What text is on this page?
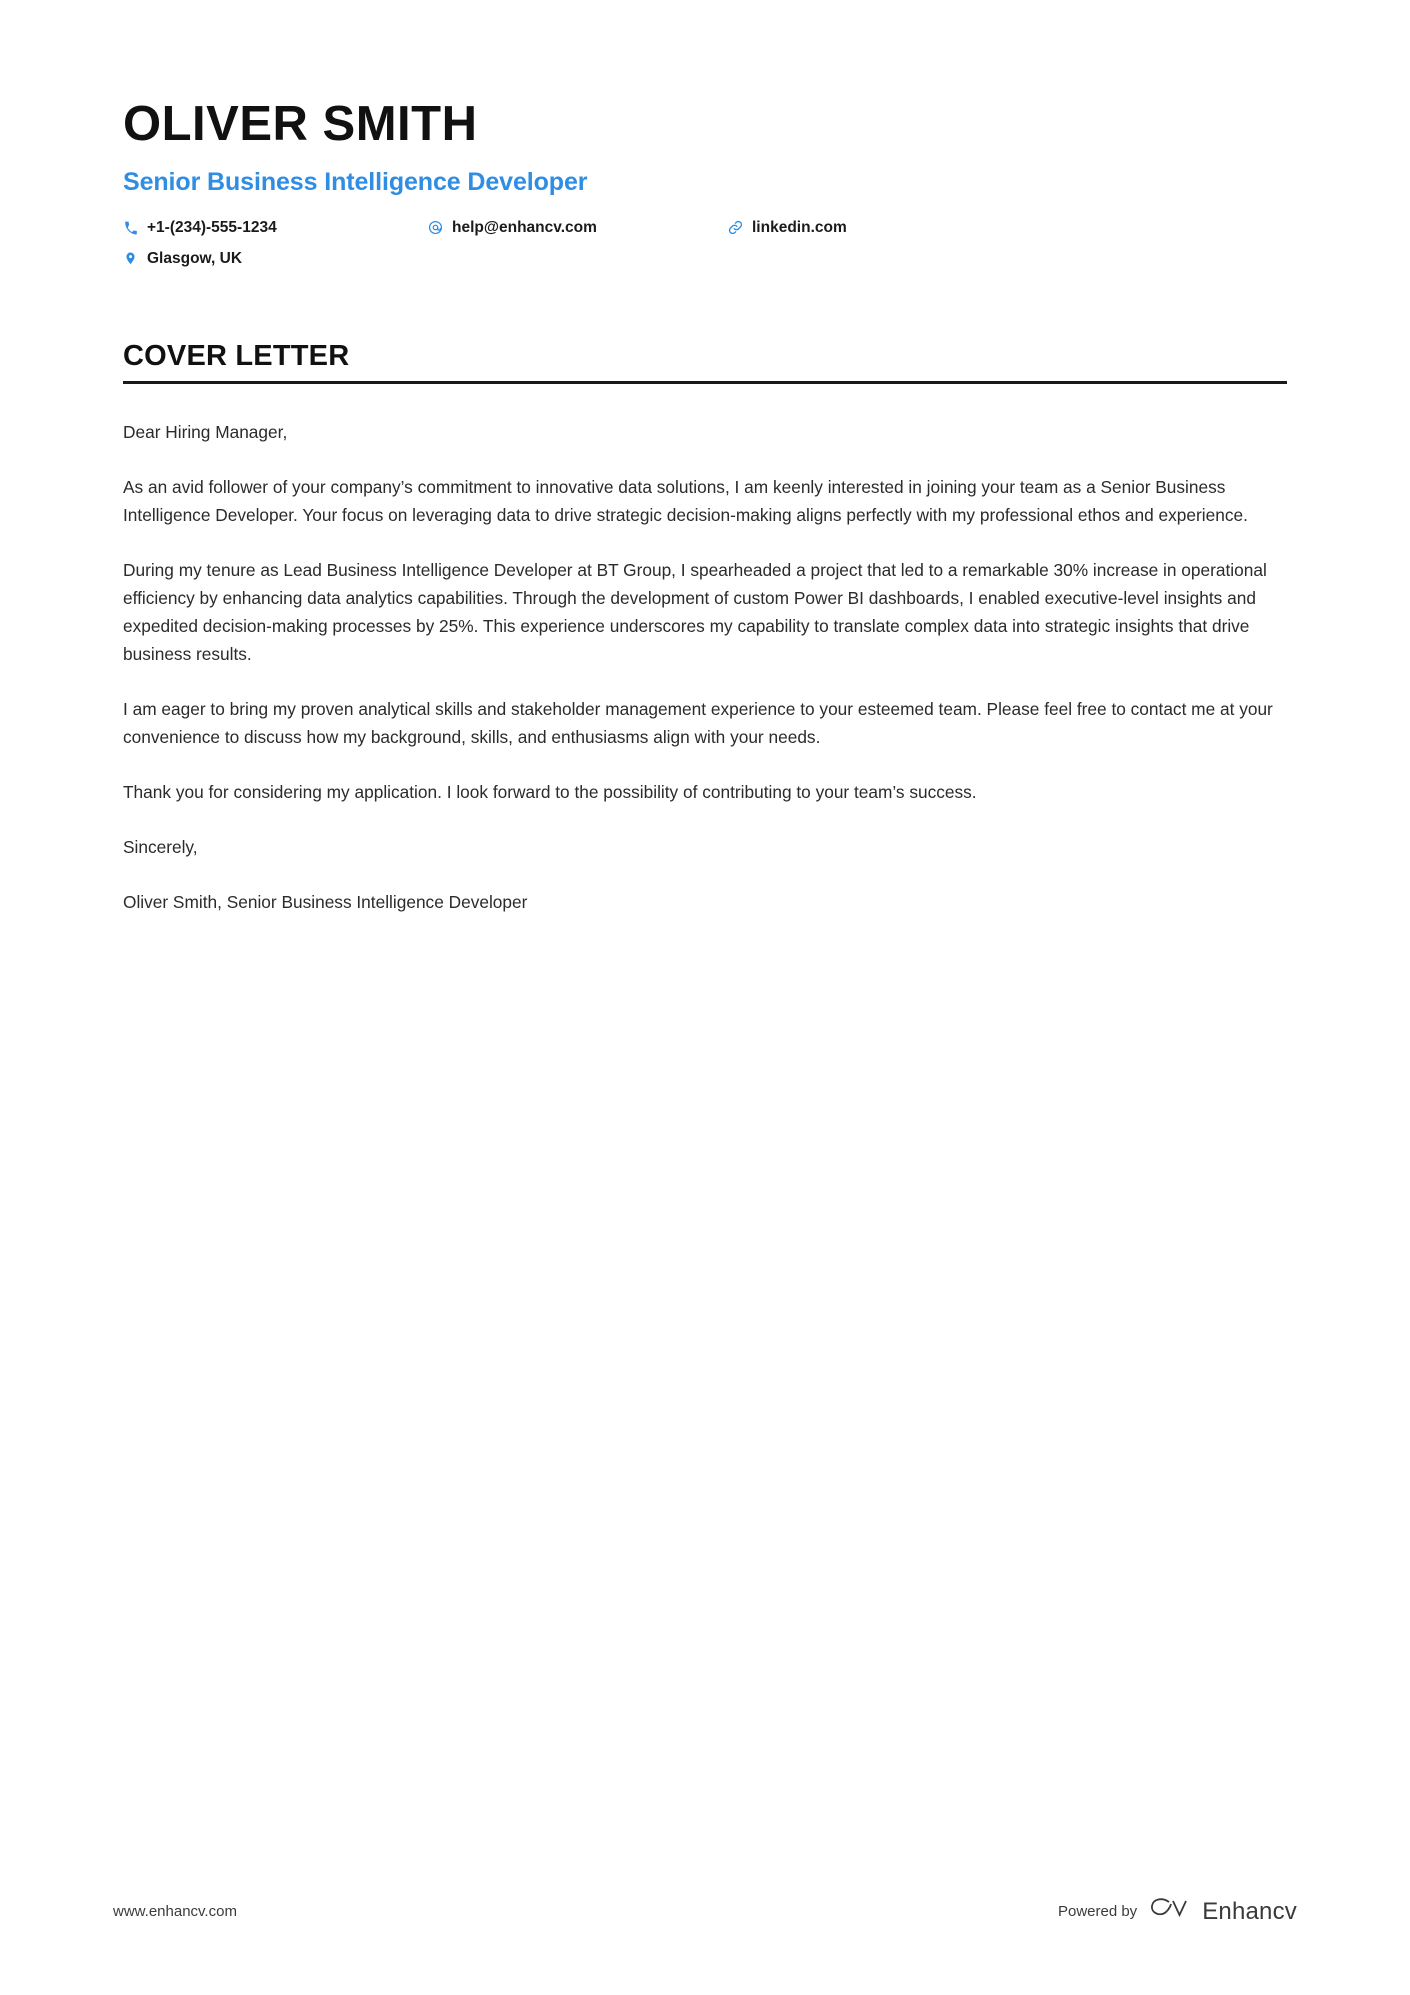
OLIVER SMITH
Senior Business Intelligence Developer
+1-(234)-555-1234	help@enhancv.com	linkedin.com
Glasgow, UK
COVER LETTER

Dear Hiring Manager,

As an avid follower of your company’s commitment to innovative data solutions, I am keenly interested in joining your team as a Senior Business Intelligence Developer. Your focus on leveraging data to drive strategic decision-making aligns perfectly with my professional ethos and experience.

During my tenure as Lead Business Intelligence Developer at BT Group, I spearheaded a project that led to a remarkable 30% increase in operational efficiency by enhancing data analytics capabilities. Through the development of custom Power BI dashboards, I enabled executive-level insights and expedited decision-making processes by 25%. This experience underscores my capability to translate complex data into strategic insights that drive business results.

I am eager to bring my proven analytical skills and stakeholder management experience to your esteemed team. Please feel free to contact me at your convenience to discuss how my background, skills, and enthusiasms align with your needs.

Thank you for considering my application. I look forward to the possibility of contributing to your team’s success.

Sincerely,

Oliver Smith, Senior Business Intelligence Developer

www.enhancv.com	Powered by	Enhancv
